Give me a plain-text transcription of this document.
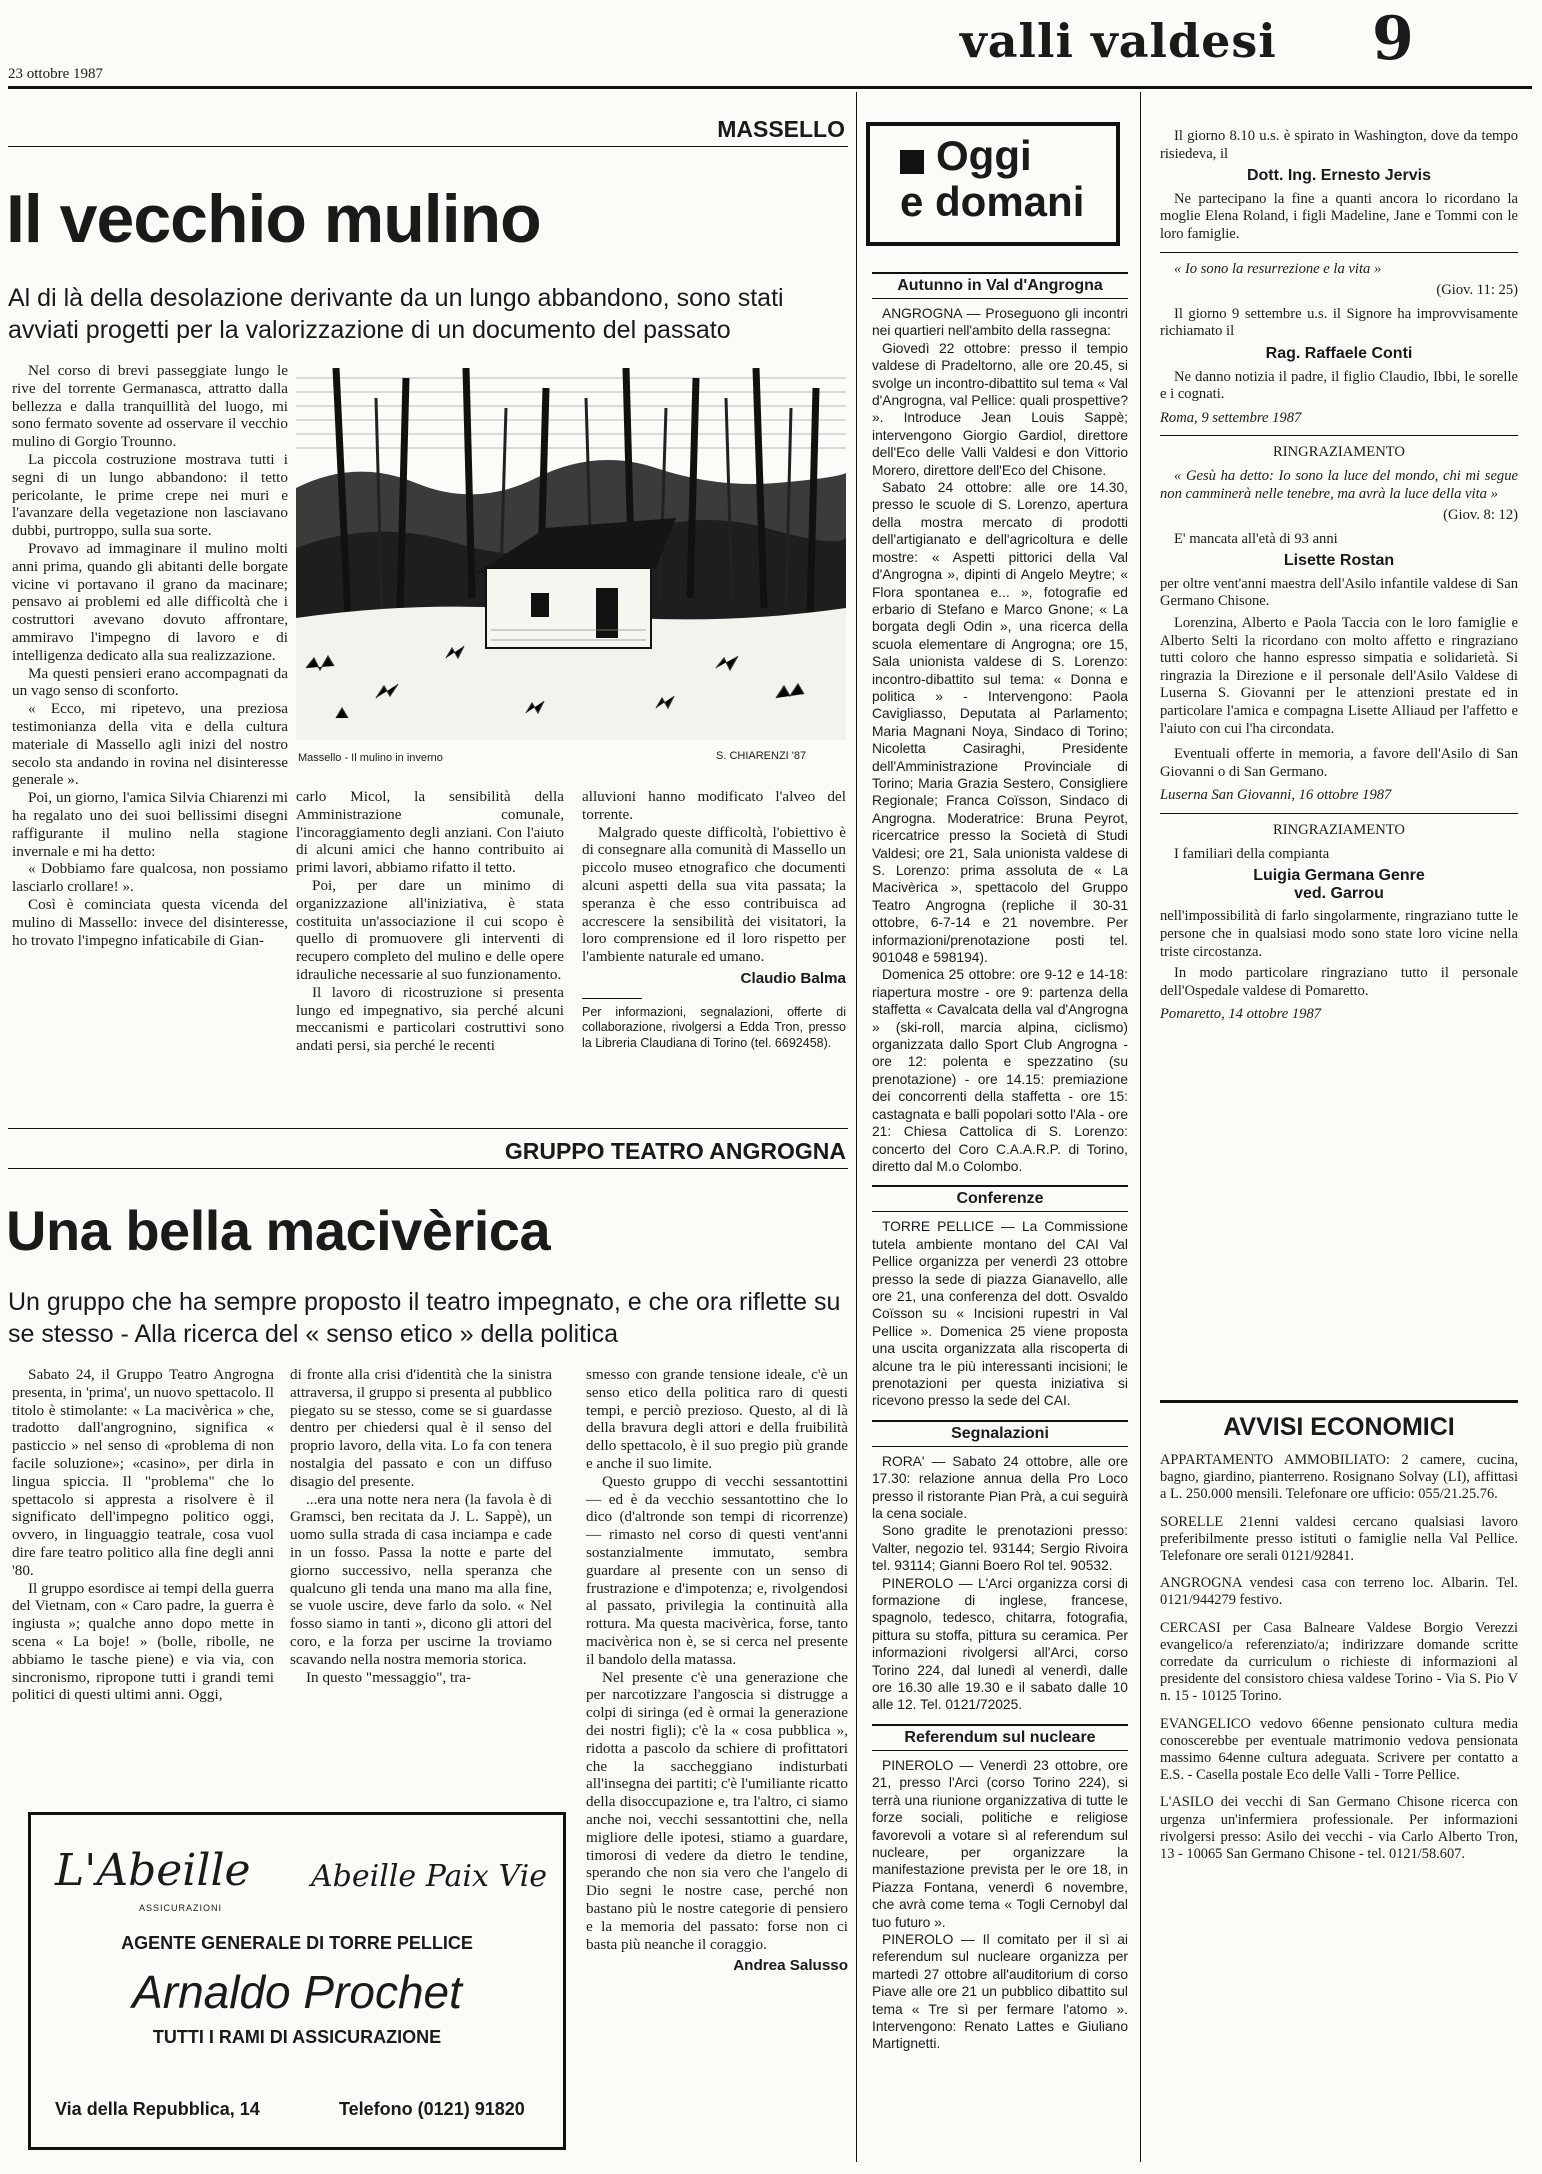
23 ottobre 1987
valli valdesi 9
MASSELLO
Il vecchio mulino
Al di là della desolazione derivante da un lungo abbandono, sono stati avviati progetti per la valorizzazione di un documento del passato

Nel corso di brevi passeggiate lungo le rive del torrente Germanasca, attratto dalla bellezza e dalla tranquillità del luogo, mi sono fermato sovente ad osservare il vecchio mulino di Gorgio Trounno.

La piccola costruzione mostrava tutti i segni di un lungo abbandono: il tetto pericolante, le prime crepe nei muri e l'avanzare della vegetazione non lasciavano dubbi, purtroppo, sulla sua sorte.

Provavo ad immaginare il mulino molti anni prima, quando gli abitanti delle borgate vicine vi portavano il grano da macinare; pensavo ai problemi ed alle difficoltà che i costruttori avevano dovuto affrontare, ammiravo l'impegno di lavoro e di intelligenza dedicato alla sua realizzazione.

Ma questi pensieri erano accompagnati da un vago senso di sconforto.

« Ecco, mi ripetevo, una preziosa testimonianza della vita e della cultura materiale di Massello agli inizi del nostro secolo sta andando in rovina nel disinteresse generale ».

Poi, un giorno, l'amica Silvia Chiarenzi mi ha regalato uno dei suoi bellissimi disegni raffigurante il mulino nella stagione invernale e mi ha detto:

« Dobbiamo fare qualcosa, non possiamo lasciarlo crollare! ».

Così è cominciata questa vicenda del mulino di Massello: invece del disinteresse, ho trovato l'impegno infaticabile di Gian-

Massello - Il mulino in inverno	S. CHIARENZI '87

carlo Micol, la sensibilità della Amministrazione comunale, l'incoraggiamento degli anziani. Con l'aiuto di alcuni amici che hanno contribuito ai primi lavori, abbiamo rifatto il tetto.

Poi, per dare un minimo di organizzazione all'iniziativa, è stata costituita un'associazione il cui scopo è quello di promuovere gli interventi di recupero completo del mulino e delle opere idrauliche necessarie al suo funzionamento.

Il lavoro di ricostruzione si presenta lungo ed impegnativo, sia perché alcuni meccanismi e particolari costruttivi sono andati persi, sia perché le recenti

alluvioni hanno modificato l'alveo del torrente.

Malgrado queste difficoltà, l'obiettivo è di consegnare alla comunità di Massello un piccolo museo etnografico che documenti alcuni aspetti della sua vita passata; la speranza è che esso contribuisca ad accrescere la sensibilità dei visitatori, la loro comprensione ed il loro rispetto per l'ambiente naturale ed umano.

Claudio Balma
Per informazioni, segnalazioni, offerte di collaborazione, rivolgersi a Edda Tron, presso la Libreria Claudiana di Torino (tel. 6692458).
GRUPPO TEATRO ANGROGNA
Una bella macivèrica
Un gruppo che ha sempre proposto il teatro impegnato, e che ora riflette su se stesso - Alla ricerca del « senso etico » della politica

Sabato 24, il Gruppo Teatro Angrogna presenta, in 'prima', un nuovo spettacolo. Il titolo è stimolante: « La macivèrica » che, tradotto dall'angrognino, significa « pasticcio » nel senso di «problema di non facile soluzione»; «casino», per dirla in lingua spiccia. Il "problema" che lo spettacolo si appresta a risolvere è il significato dell'impegno politico oggi, ovvero, in linguaggio teatrale, cosa vuol dire fare teatro politico alla fine degli anni '80.

Il gruppo esordisce ai tempi della guerra del Vietnam, con « Caro padre, la guerra è ingiusta »; qualche anno dopo mette in scena « La boje! » (bolle, ribolle, ne abbiamo le tasche piene) e via via, con sincronismo, ripropone tutti i grandi temi politici di questi ultimi anni. Oggi,

di fronte alla crisi d'identità che la sinistra attraversa, il gruppo si presenta al pubblico piegato su se stesso, come se si guardasse dentro per chiedersi qual è il senso del proprio lavoro, della vita. Lo fa con tenera nostalgia del passato e con un diffuso disagio del presente.

...era una notte nera nera (la favola è di Gramsci, ben recitata da J. L. Sappè), un uomo sulla strada di casa inciampa e cade in un fosso. Passa la notte e parte del giorno successivo, nella speranza che qualcuno gli tenda una mano ma alla fine, se vuole uscire, deve farlo da solo. « Nel fosso siamo in tanti », dicono gli attori del coro, e la forza per uscirne la troviamo scavando nella nostra memoria storica.

In questo "messaggio", tra-

smesso con grande tensione ideale, c'è un senso etico della politica raro di questi tempi, e perciò prezioso. Questo, al di là della bravura degli attori e della fruibilità dello spettacolo, è il suo pregio più grande e anche il suo limite.

Questo gruppo di vecchi sessantottini — ed è da vecchio sessantottino che lo dico (d'altronde son tempi di ricorrenze) — rimasto nel corso di questi vent'anni sostanzialmente immutato, sembra guardare al presente con un senso di frustrazione e d'impotenza; e, rivolgendosi al passato, privilegia la continuità alla rottura. Ma questa macivèrica, forse, tanto macivèrica non è, se si cerca nel presente il bandolo della matassa.

Nel presente c'è una generazione che per narcotizzare l'angoscia si distrugge a colpi di siringa (ed è ormai la generazione dei nostri figli); c'è la « cosa pubblica », ridotta a pascolo da schiere di profittatori che la saccheggiano indisturbati all'insegna dei partiti; c'è l'umiliante ricatto della disoccupazione e, tra l'altro, ci siamo anche noi, vecchi sessantottini che, nella migliore delle ipotesi, stiamo a guardare, timorosi di vedere da dietro le tendine, sperando che non sia vero che l'angelo di Dio segni le nostre case, perché non bastano più le nostre categorie di pensiero e la memoria del passato: forse non ci basta più neanche il coraggio.

Andrea Salusso
L'Abeille
ASSICURAZIONI
Abeille Paix Vie
AGENTE GENERALE DI TORRE PELLICE
Arnaldo Prochet
TUTTI I RAMI DI ASSICURAZIONE
Via della Repubblica, 14	Telefono (0121) 91820
Oggi
e domani
Autunno in Val d'Angrogna

ANGROGNA — Proseguono gli incontri nei quartieri nell'ambito della rassegna:

Giovedì 22 ottobre: presso il tempio valdese di Pradeltorno, alle ore 20.45, si svolge un incontro-dibattito sul tema « Val d'Angrogna, val Pellice: quali prospettive? ». Introduce Jean Louis Sappè; intervengono Giorgio Gardiol, direttore dell'Eco delle Valli Valdesi e don Vittorio Morero, direttore dell'Eco del Chisone.

Sabato 24 ottobre: alle ore 14.30, presso le scuole di S. Lorenzo, apertura della mostra mercato di prodotti dell'artigianato e dell'agricoltura e delle mostre: « Aspetti pittorici della Val d'Angrogna », dipinti di Angelo Meytre; « Flora spontanea e... », fotografie ed erbario di Stefano e Marco Gnone; « La borgata degli Odin », una ricerca della scuola elementare di Angrogna; ore 15, Sala unionista valdese di S. Lorenzo: incontro-dibattito sul tema: « Donna e politica » - Intervengono: Paola Cavigliasso, Deputata al Parlamento; Maria Magnani Noya, Sindaco di Torino; Nicoletta Casiraghi, Presidente dell'Amministrazione Provinciale di Torino; Maria Grazia Sestero, Consigliere Regionale; Franca Coïsson, Sindaco di Angrogna. Moderatrice: Bruna Peyrot, ricercatrice presso la Società di Studi Valdesi; ore 21, Sala unionista valdese di S. Lorenzo: prima assoluta de « La Macivèrica », spettacolo del Gruppo Teatro Angrogna (repliche il 30-31 ottobre, 6-7-14 e 21 novembre. Per informazioni/prenotazione posti tel. 901048 e 598194).

Domenica 25 ottobre: ore 9-12 e 14-18: riapertura mostre - ore 9: partenza della staffetta « Cavalcata della val d'Angrogna » (ski-roll, marcia alpina, ciclismo) organizzata dallo Sport Club Angrogna - ore 12: polenta e spezzatino (su prenotazione) - ore 14.15: premiazione dei concorrenti della staffetta - ore 15: castagnata e balli popolari sotto l'Ala - ore 21: Chiesa Cattolica di S. Lorenzo: concerto del Coro C.A.A.R.P. di Torino, diretto dal M.o Colombo.

Conferenze

TORRE PELLICE — La Commissione tutela ambiente montano del CAI Val Pellice organizza per venerdì 23 ottobre presso la sede di piazza Gianavello, alle ore 21, una conferenza del dott. Osvaldo Coïsson su « Incisioni rupestri in Val Pellice ». Domenica 25 viene proposta una uscita organizzata alla riscoperta di alcune tra le più interessanti incisioni; le prenotazioni per questa iniziativa si ricevono presso la sede del CAI.

Segnalazioni

RORA' — Sabato 24 ottobre, alle ore 17.30: relazione annua della Pro Loco presso il ristorante Pian Prà, a cui seguirà la cena sociale.

Sono gradite le prenotazioni presso: Valter, negozio tel. 93144; Sergio Rivoira tel. 93114; Gianni Boero Rol tel. 90532.

PINEROLO — L'Arci organizza corsi di formazione di inglese, francese, spagnolo, tedesco, chitarra, fotografia, pittura su stoffa, pittura su ceramica. Per informazioni rivolgersi all'Arci, corso Torino 224, dal lunedì al venerdì, dalle ore 16.30 alle 19.30 e il sabato dalle 10 alle 12. Tel. 0121/72025.

Referendum sul nucleare

PINEROLO — Venerdì 23 ottobre, ore 21, presso l'Arci (corso Torino 224), si terrà una riunione organizzativa di tutte le forze sociali, politiche e religiose favorevoli a votare sì al referendum sul nucleare, per organizzare la manifestazione prevista per le ore 18, in Piazza Fontana, venerdì 6 novembre, che avrà come tema « Togli Cernobyl dal tuo futuro ».

PINEROLO — Il comitato per il sì ai referendum sul nucleare organizza per martedì 27 ottobre all'auditorium di corso Piave alle ore 21 un pubblico dibattito sul tema « Tre sì per fermare l'atomo ». Intervengono: Renato Lattes e Giuliano Martignetti.

Il giorno 8.10 u.s. è spirato in Washington, dove da tempo risiedeva, il

Dott. Ing. Ernesto Jervis

Ne partecipano la fine a quanti ancora lo ricordano la moglie Elena Roland, i figli Madeline, Jane e Tommi con le loro famiglie.

« Io sono la resurrezione e la vita »

(Giov. 11: 25)

Il giorno 9 settembre u.s. il Signore ha improvvisamente richiamato il

Rag. Raffaele Conti

Ne danno notizia il padre, il figlio Claudio, Ibbi, le sorelle e i cognati.

Roma, 9 settembre 1987
RINGRAZIAMENTO

« Gesù ha detto: Io sono la luce del mondo, chi mi segue non camminerà nelle tenebre, ma avrà la luce della vita »

(Giov. 8: 12)

E' mancata all'età di 93 anni

Lisette Rostan

per oltre vent'anni maestra dell'Asilo infantile valdese di San Germano Chisone.

Lorenzina, Alberto e Paola Taccia con le loro famiglie e Alberto Selti la ricordano con molto affetto e ringraziano tutti coloro che hanno espresso simpatia e solidarietà. Si ringrazia la Direzione e il personale dell'Asilo Valdese di Luserna S. Giovanni per le attenzioni prestate ed in particolare l'amica e compagna Lisette Alliaud per l'affetto e l'aiuto con cui l'ha circondata.

Eventuali offerte in memoria, a favore dell'Asilo di San Giovanni o di San Germano.

Luserna San Giovanni, 16 ottobre 1987
RINGRAZIAMENTO

I familiari della compianta

Luigia Germana Genre
ved. Garrou

nell'impossibilità di farlo singolarmente, ringraziano tutte le persone che in qualsiasi modo sono state loro vicine nella triste circostanza.

In modo particolare ringraziano tutto il personale dell'Ospedale valdese di Pomaretto.

Pomaretto, 14 ottobre 1987
AVVISI ECONOMICI

APPARTAMENTO AMMOBILIATO: 2 camere, cucina, bagno, giardino, pianterreno. Rosignano Solvay (LI), affittasi a L. 250.000 mensili. Telefonare ore ufficio: 055/21.25.76.

SORELLE 21enni valdesi cercano qualsiasi lavoro preferibilmente presso istituti o famiglie nella Val Pellice. Telefonare ore serali 0121/92841.

ANGROGNA vendesi casa con terreno loc. Albarin. Tel. 0121/944279 festivo.

CERCASI per Casa Balneare Valdese Borgio Verezzi evangelico/a referenziato/a; indirizzare domande scritte corredate da curriculum o richieste di informazioni al presidente del consistoro chiesa valdese Torino - Via S. Pio V n. 15 - 10125 Torino.

EVANGELICO vedovo 66enne pensionato cultura media conoscerebbe per eventuale matrimonio vedova pensionata massimo 64enne cultura adeguata. Scrivere per contatto a E.S. - Casella postale Eco delle Valli - Torre Pellice.

L'ASILO dei vecchi di San Germano Chisone ricerca con urgenza un'infermiera professionale. Per informazioni rivolgersi presso: Asilo dei vecchi - via Carlo Alberto Tron, 13 - 10065 San Germano Chisone - tel. 0121/58.607.
